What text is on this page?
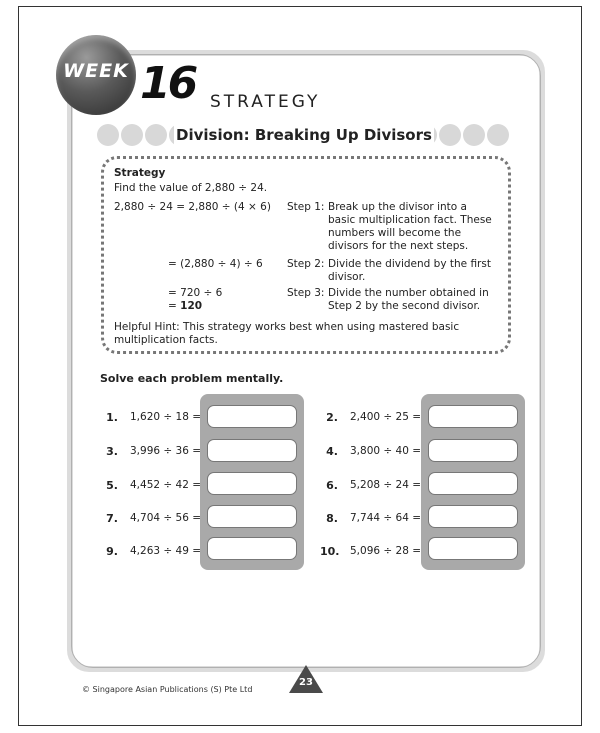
WEEK 16 STRATEGY
Division: Breaking Up Divisors
Strategy
Find the value of 2,880 ÷ 24.
2,880 ÷ 24 = 2,880 ÷ (4 × 6)
= (2,880 ÷ 4) ÷ 6
= 720 ÷ 6
= 120
Step 1: Break up the divisor into a
basic multiplication fact. These
numbers will become the
divisors for the next steps.
Step 2: Divide the dividend by the first
divisor.
Step 3: Divide the number obtained in
Step 2 by the second divisor.
Helpful Hint: This strategy works best when using mastered basic
multiplication facts.
Solve each problem mentally.
1. 1,620 ÷ 18 =
3. 3,996 ÷ 36 =
5. 4,452 ÷ 42 =
7. 4,704 ÷ 56 =
9. 4,263 ÷ 49 =
2. 2,400 ÷ 25 =
4. 3,800 ÷ 40 =
6. 5,208 ÷ 24 =
8. 7,744 ÷ 64 =
10. 5,096 ÷ 28 =
© Singapore Asian Publications (S) Pte Ltd
23
